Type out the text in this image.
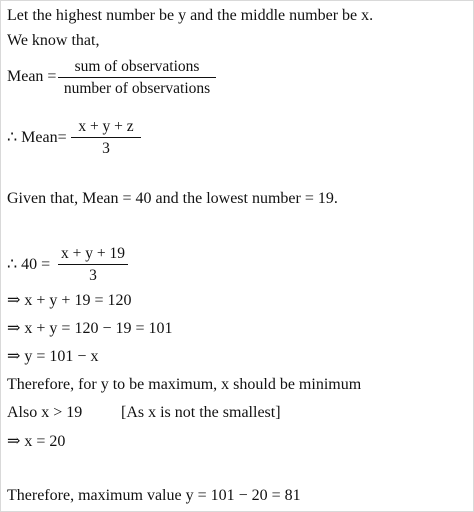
Let the highest number be y and the middle number be x.
We know that,
Mean =
sum of observations
number of observations
∴ Mean=
x + y + z
3
Given that, Mean = 40 and the lowest number = 19.
∴ 40 =
x + y + 19
3
⇒ x + y + 19 = 120
⇒ x + y = 120 − 19 = 101
⇒ y = 101 − x
Therefore, for y to be maximum, x should be minimum
Also x > 19 [As x is not the smallest]
⇒ x = 20
Therefore, maximum value y = 101 − 20 = 81
